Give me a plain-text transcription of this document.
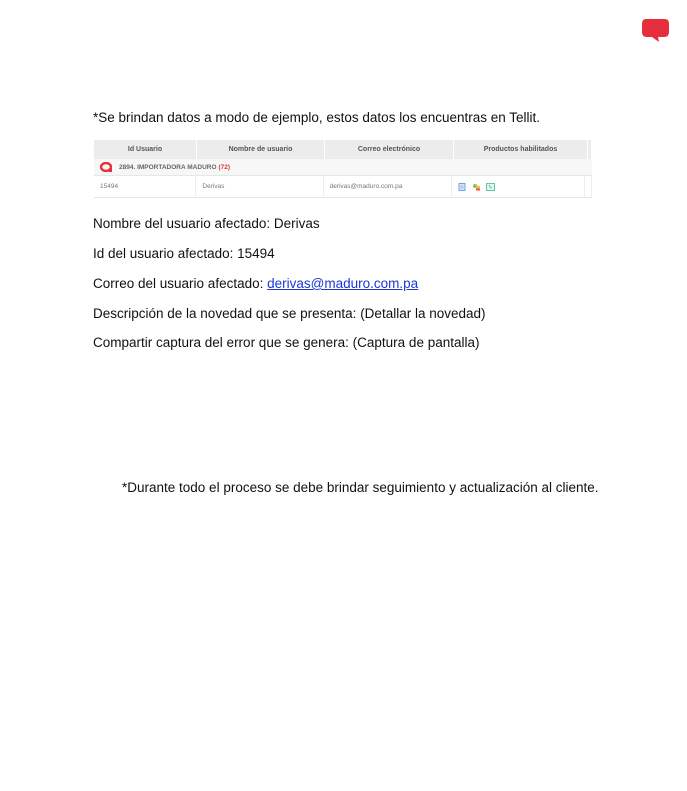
*Se brindan datos a modo de ejemplo, estos datos los encuentras en Tellit.
Id Usuario	Nombre de usuario	Correo electrónico	Productos habilitados
2894. IMPORTADORA MADURO (72)
15494	Derivas	derivas@maduro.com.pa
Nombre del usuario afectado: Derivas
Id del usuario afectado: 15494
Correo del usuario afectado: derivas@maduro.com.pa
Descripción de la novedad que se presenta: (Detallar la novedad)
Compartir captura del error que se genera: (Captura de pantalla)
*Durante todo el proceso se debe brindar seguimiento y actualización al cliente.
